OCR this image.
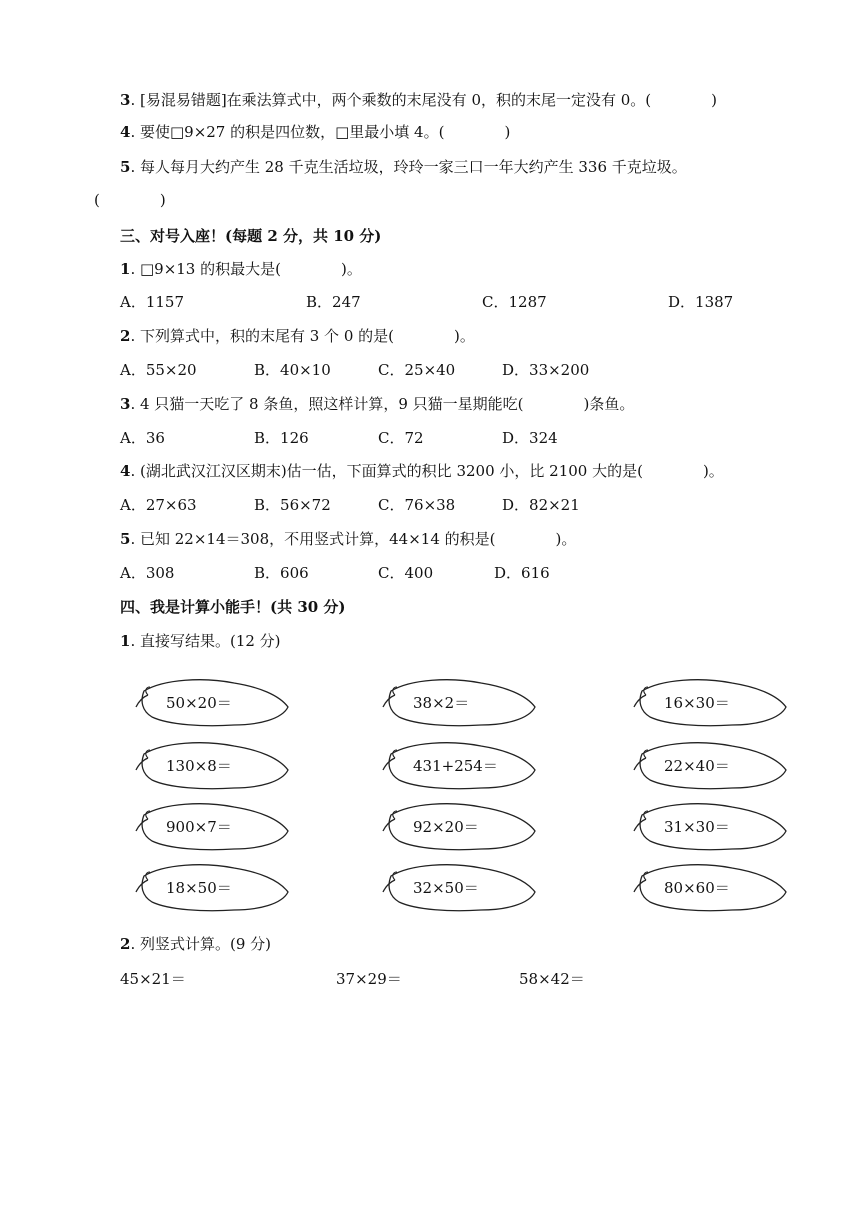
3. [易混易错题]在乘法算式中，两个乘数的末尾没有 0，积的末尾一定没有 0。(　　　　)
4. 要使□9×27 的积是四位数，□里最小填 4。(　　　　)
5. 每人每月大约产生 28 千克生活垃圾，玲玲一家三口一年大约产生 336 千克垃圾。
(　　　　)
三、对号入座！(每题 2 分，共 10 分)
1. □9×13 的积最大是(　　　　)。
A．1157	B．247	C．1287	D．1387
2. 下列算式中，积的末尾有 3 个 0 的是(　　　　)。
A．55×20	B．40×10	C．25×40	D．33×200
3. 4 只猫一天吃了 8 条鱼，照这样计算，9 只猫一星期能吃(　　　　)条鱼。
A．36	B．126	C．72	D．324
4. (湖北武汉江汉区期末)估一估，下面算式的积比 3200 小，比 2100 大的是(　　　　)。
A．27×63	B．56×72	C．76×38	D．82×21
5. 已知 22×14＝308，不用竖式计算，44×14 的积是(　　　　)。
A．308	B．606	C．400	D．616
四、我是计算小能手！(共 30 分)
1. 直接写结果。(12 分)
50×20＝	38×2＝	16×30＝
130×8＝	431+254＝	22×40＝
900×7＝	92×20＝	31×30＝
18×50＝	32×50＝	80×60＝
2. 列竖式计算。(9 分)
45×21＝	37×29＝	58×42＝
